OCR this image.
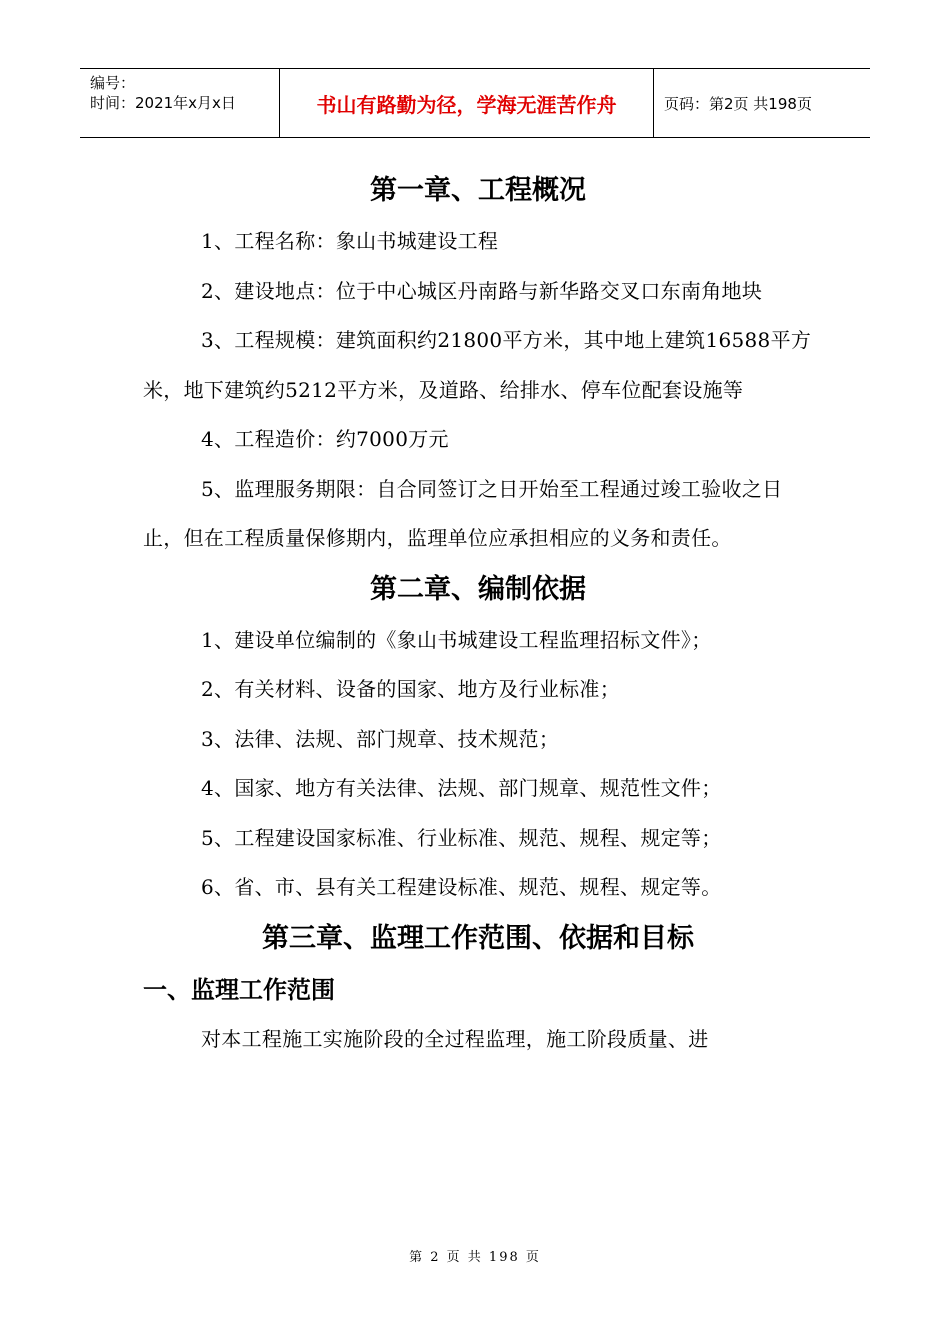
编号：
时间：2021年x月x日	书山有路勤为径，学海无涯苦作舟	页码：第2页 共198页
第一章、工程概况

1、工程名称：象山书城建设工程

2、建设地点：位于中心城区丹南路与新华路交叉口东南角地块

3、工程规模：建筑面积约21800平方米，其中地上建筑16588平方米，地下建筑约5212平方米，及道路、给排水、停车位配套设施等

4、工程造价：约7000万元

5、监理服务期限：自合同签订之日开始至工程通过竣工验收之日止，但在工程质量保修期内，监理单位应承担相应的义务和责任。

第二章、编制依据

1、建设单位编制的《象山书城建设工程监理招标文件》；

2、有关材料、设备的国家、地方及行业标准；

3、法律、法规、部门规章、技术规范；

4、国家、地方有关法律、法规、部门规章、规范性文件；

5、工程建设国家标准、行业标准、规范、规程、规定等；

6、省、市、县有关工程建设标准、规范、规程、规定等。

第三章、监理工作范围、依据和目标
一、监理工作范围

对本工程施工实施阶段的全过程监理，施工阶段质量、进

第 2 页 共 198 页
